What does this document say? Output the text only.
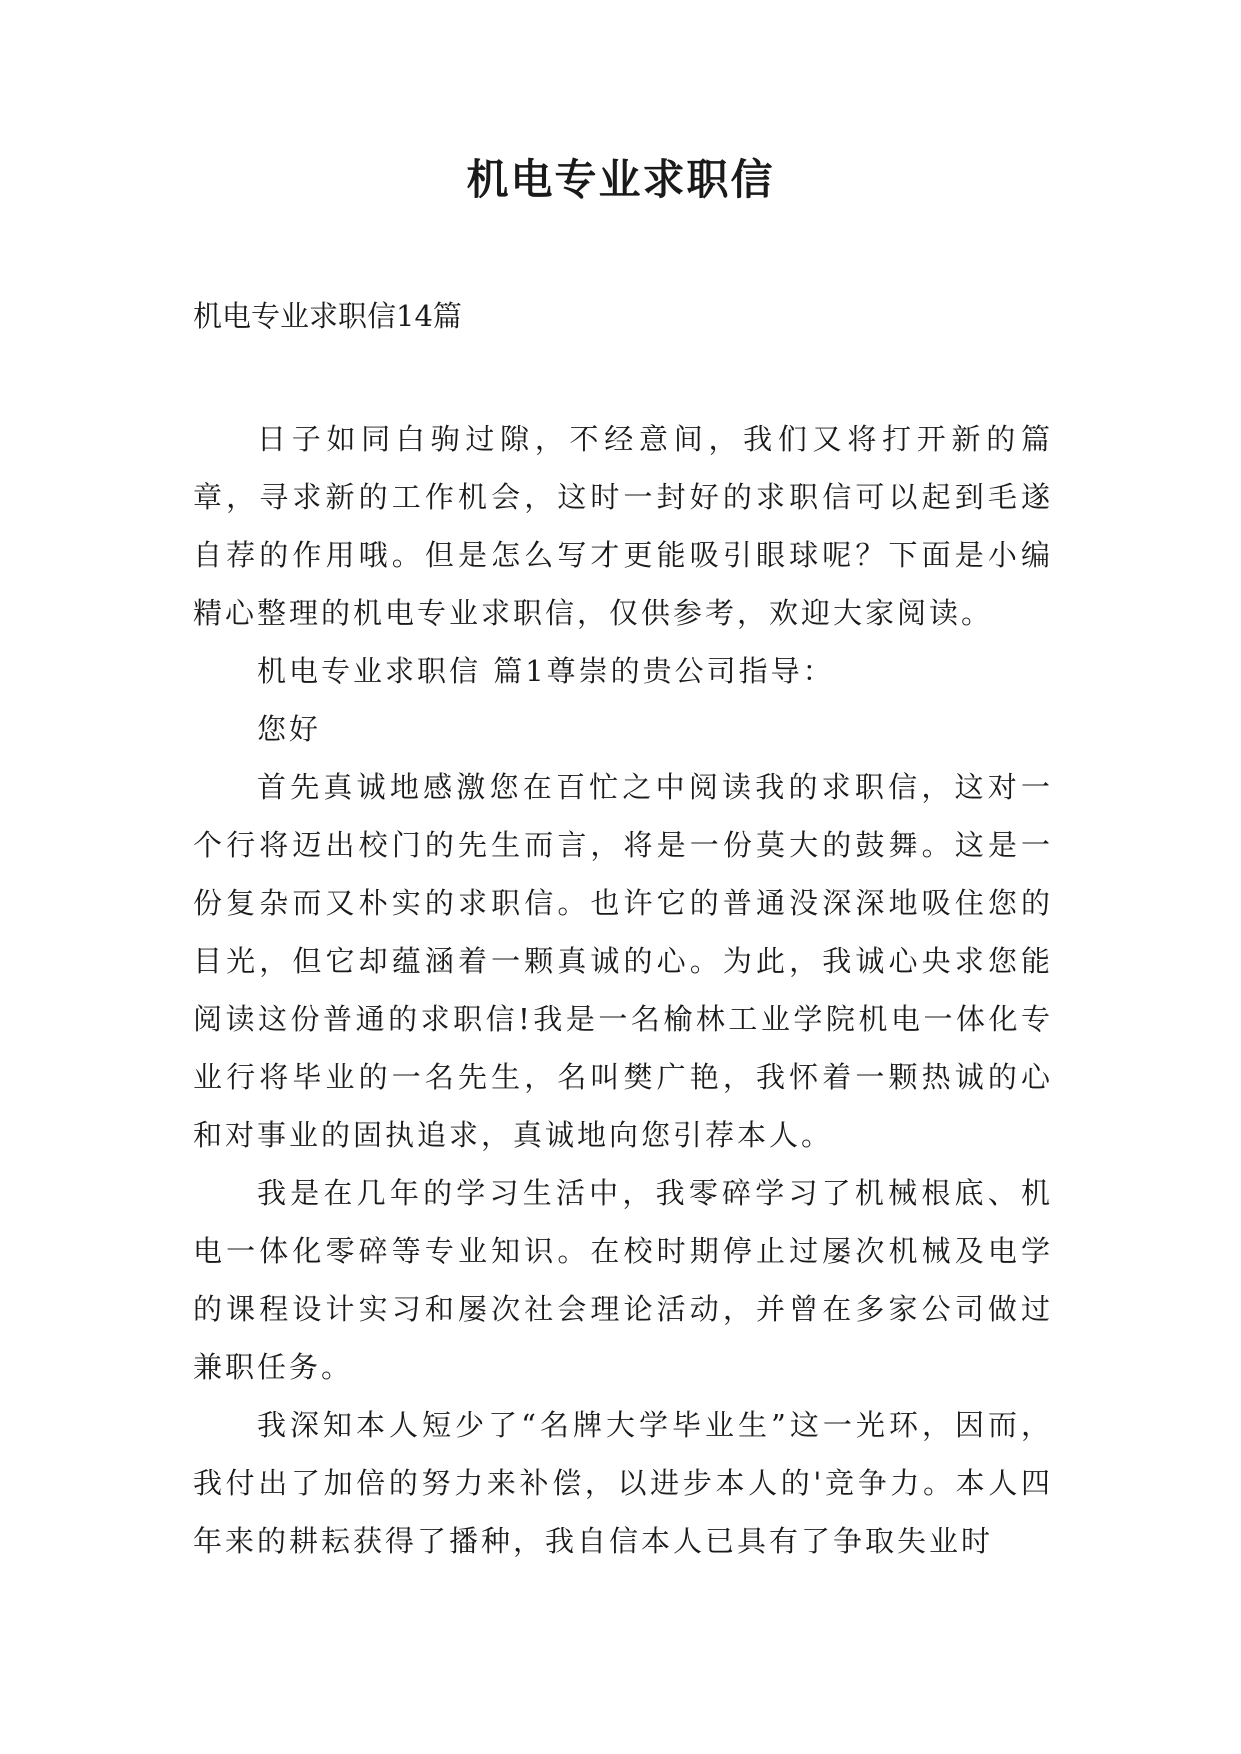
机电专业求职信
机电专业求职信14篇

日子如同白驹过隙，不经意间，我们又将打开新的篇章，寻求新的工作机会，这时一封好的求职信可以起到毛遂自荐的作用哦。但是怎么写才更能吸引眼球呢？下面是小编精心整理的机电专业求职信，仅供参考，欢迎大家阅读。

机电专业求职信 篇1尊崇的贵公司指导：

您好

首先真诚地感激您在百忙之中阅读我的求职信，这对一个行将迈出校门的先生而言，将是一份莫大的鼓舞。这是一份复杂而又朴实的求职信。也许它的普通没深深地吸住您的目光，但它却蕴涵着一颗真诚的心。为此，我诚心央求您能阅读这份普通的求职信!我是一名榆林工业学院机电一体化专业行将毕业的一名先生，名叫樊广艳，我怀着一颗热诚的心和对事业的固执追求，真诚地向您引荐本人。

我是在几年的学习生活中，我零碎学习了机械根底、机电一体化零碎等专业知识。在校时期停止过屡次机械及电学的课程设计实习和屡次社会理论活动，并曾在多家公司做过兼职任务。

我深知本人短少了“名牌大学毕业生”这一光环，因而，我付出了加倍的努力来补偿，以进步本人的'竞争力。本人四年来的耕耘获得了播种，我自信本人已具有了争取失业时
